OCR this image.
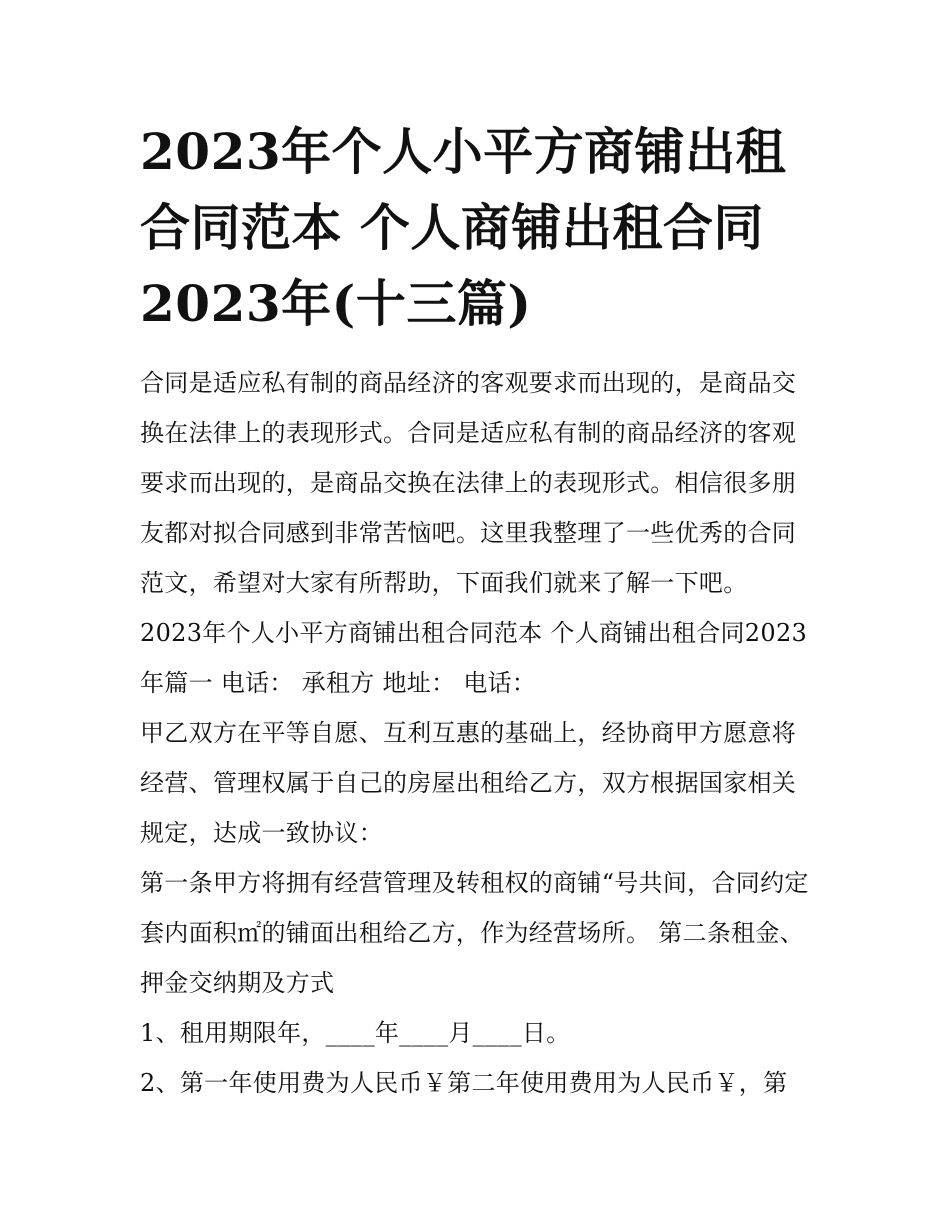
2023年个人小平方商铺出租合同范本 个人商铺出租合同2023年(十三篇)

合同是适应私有制的商品经济的客观要求而出现的，是商品交换在法律上的表现形式。合同是适应私有制的商品经济的客观要求而出现的，是商品交换在法律上的表现形式。相信很多朋友都对拟合同感到非常苦恼吧。这里我整理了一些优秀的合同范文，希望对大家有所帮助，下面我们就来了解一下吧。

2023年个人小平方商铺出租合同范本 个人商铺出租合同2023年篇一 电话： 承租方 地址： 电话：

甲乙双方在平等自愿、互利互惠的基础上，经协商甲方愿意将经营、管理权属于自己的房屋出租给乙方，双方根据国家相关规定，达成一致协议：

第一条甲方将拥有经营管理及转租权的商铺“号共间，合同约定套内面积㎡的铺面出租给乙方，作为经营场所。 第二条租金、押金交纳期及方式

1、租用期限年，____年____月____日。

2、第一年使用费为人民币￥第二年使用费用为人民币￥，第
